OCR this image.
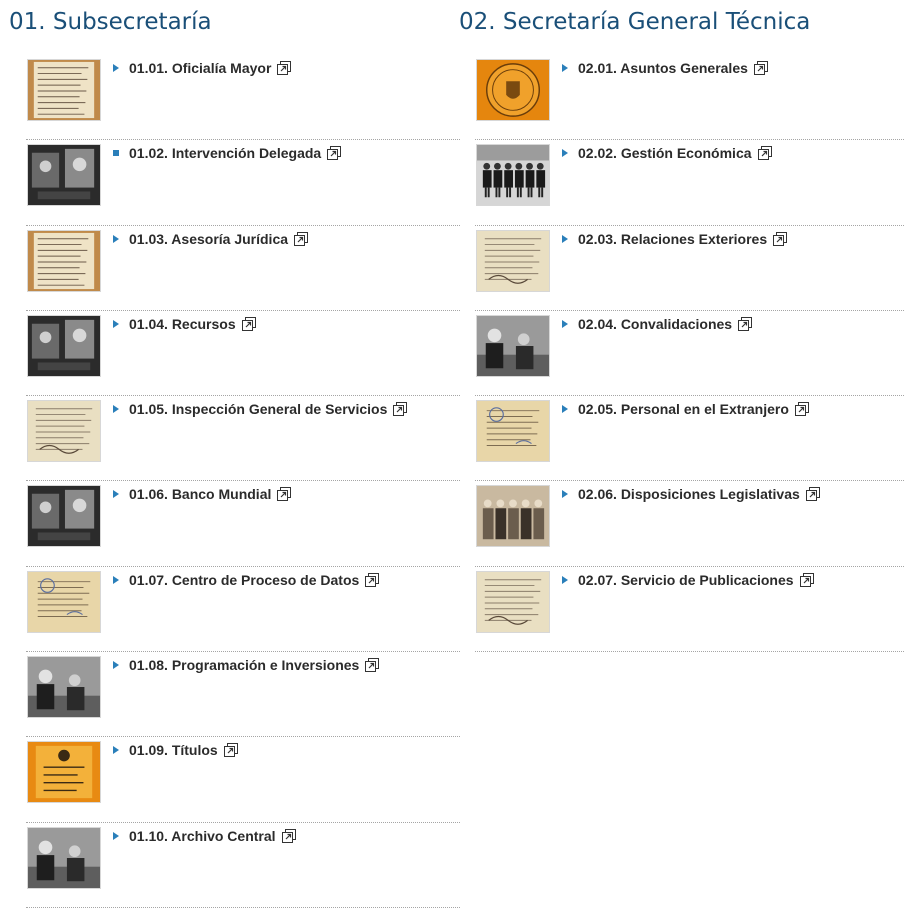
01. Subsecretaría
01.01. Oficialía Mayor
01.02. Intervención Delegada
01.03. Asesoría Jurídica
01.04. Recursos
01.05. Inspección General de Servicios
01.06. Banco Mundial
01.07. Centro de Proceso de Datos
01.08. Programación e Inversiones
01.09. Títulos
01.10. Archivo Central
02. Secretaría General Técnica
02.01. Asuntos Generales
02.02. Gestión Económica
02.03. Relaciones Exteriores
02.04. Convalidaciones
02.05. Personal en el Extranjero
02.06. Disposiciones Legislativas
02.07. Servicio de Publicaciones
